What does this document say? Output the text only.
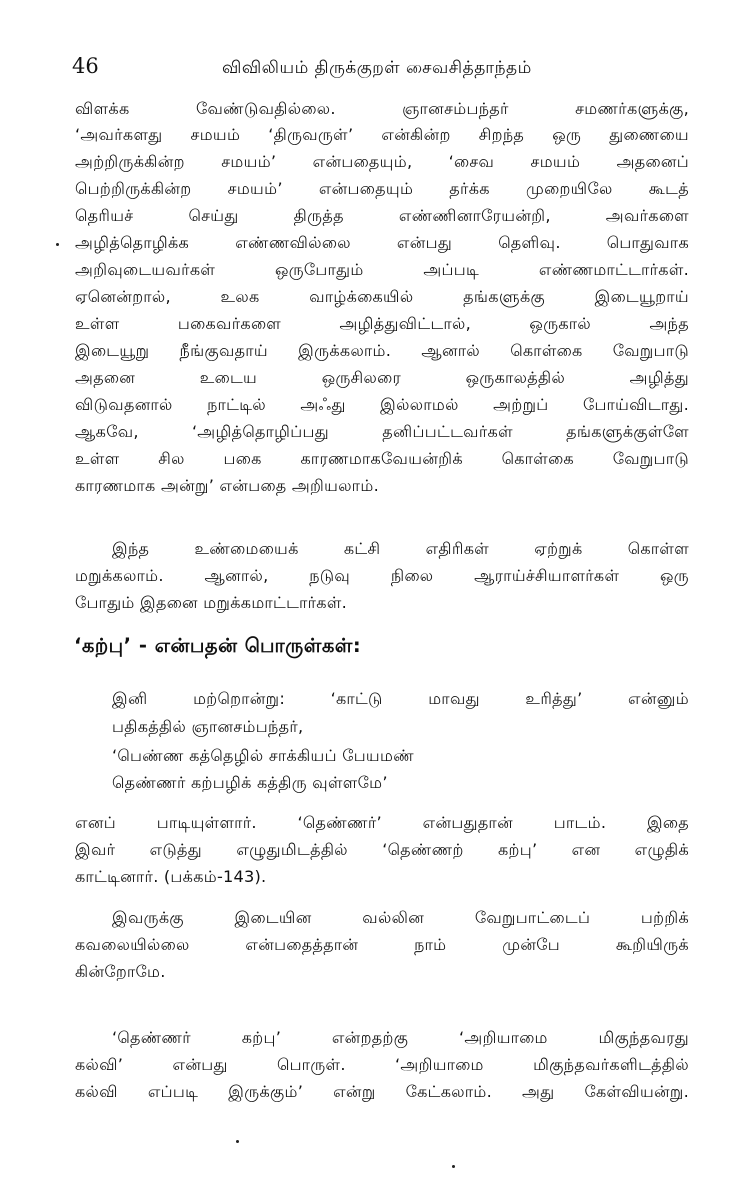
46	விவிலியம் திருக்குறள் சைவசித்தாந்தம்
விளக்க வேண்டுவதில்லை. ஞானசம்பந்தர் சமணர்களுக்கு,
‘அவர்களது சமயம் ‘திருவருள்’ என்கின்ற சிறந்த ஒரு துணையை
அற்றிருக்கின்ற சமயம்’ என்பதையும், ‘சைவ சமயம் அதனைப்
பெற்றிருக்கின்ற சமயம்’ என்பதையும் தர்க்க முறையிலே கூடத்
தெரியச் செய்து திருத்த எண்ணினாரேயன்றி, அவர்களை
அழித்தொழிக்க எண்ணவில்லை என்பது தெளிவு. பொதுவாக
அறிவுடையவர்கள் ஒருபோதும் அப்படி எண்ணமாட்டார்கள்.
ஏனென்றால், உலக வாழ்க்கையில் தங்களுக்கு இடையூறாய்
உள்ள பகைவர்களை அழித்துவிட்டால், ஒருகால் அந்த
இடையூறு நீங்குவதாய் இருக்கலாம். ஆனால் கொள்கை வேறுபாடு
அதனை உடைய ஒருசிலரை ஒருகாலத்தில் அழித்து
விடுவதனால் நாட்டில் அஃது இல்லாமல் அற்றுப் போய்விடாது.
ஆகவே, ‘அழித்தொழிப்பது தனிப்பட்டவர்கள் தங்களுக்குள்ளே
உள்ள சில பகை காரணமாகவேயன்றிக் கொள்கை வேறுபாடு
காரணமாக அன்று’ என்பதை அறியலாம்.
இந்த உண்மையைக் கட்சி எதிரிகள் ஏற்றுக் கொள்ள
மறுக்கலாம். ஆனால், நடுவு நிலை ஆராய்ச்சியாளர்கள் ஒரு
போதும் இதனை மறுக்கமாட்டார்கள்.
‘கற்பு’ - என்பதன் பொருள்கள்:
இனி மற்றொன்று: ‘காட்டு மாவது உரித்து’ என்னும்
பதிகத்தில் ஞானசம்பந்தர்,
‘பெண்ண கத்தெழில் சாக்கியப் பேயமண்
தெண்ணர் கற்பழிக் கத்திரு வுள்ளமே’
எனப் பாடியுள்ளார். ‘தெண்ணர்’ என்பதுதான் பாடம். இதை
இவர் எடுத்து எழுதுமிடத்தில் ‘தெண்ணற் கற்பு’ என எழுதிக்
காட்டினார். (பக்கம்-143).
இவருக்கு இடையின வல்லின வேறுபாட்டைப் பற்றிக்
கவலையில்லை என்பதைத்தான் நாம் முன்பே கூறியிருக்
கின்றோமே.
‘தெண்ணர் கற்பு’ என்றதற்கு ‘அறியாமை மிகுந்தவரது
கல்வி’ என்பது பொருள். ‘அறியாமை மிகுந்தவர்களிடத்தில்
கல்வி எப்படி இருக்கும்’ என்று கேட்கலாம். அது கேள்வியன்று.
